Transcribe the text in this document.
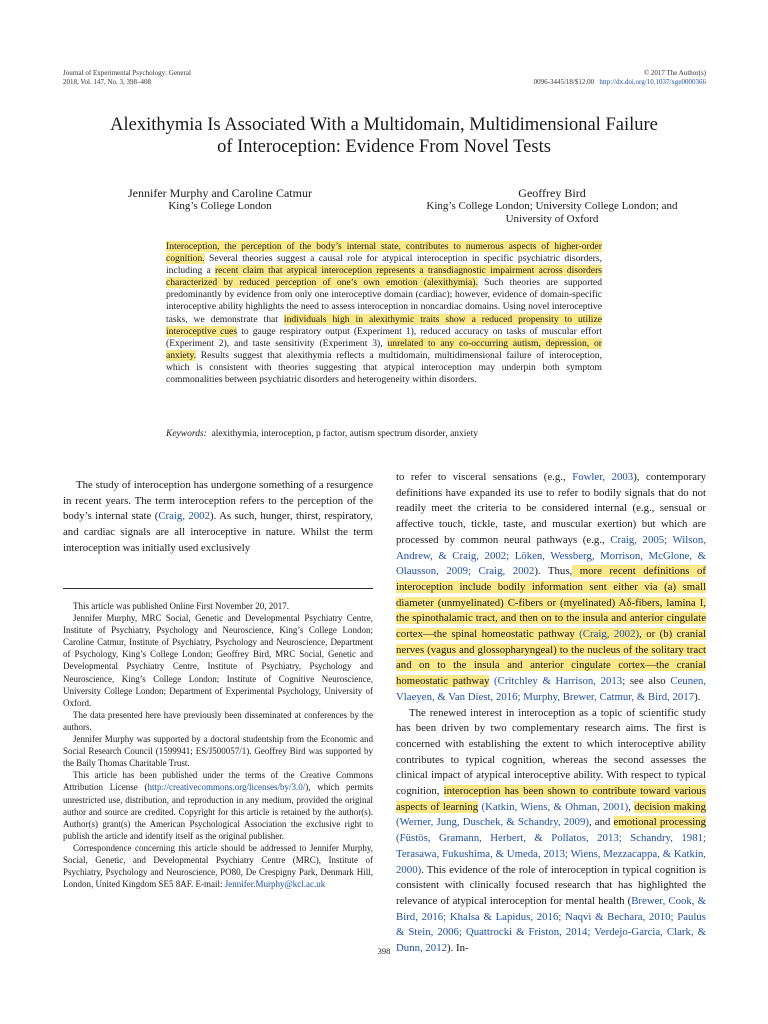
Journal of Experimental Psychology: General
2018, Vol. 147, No. 3, 398–408
© 2017 The Author(s)
0096-3445/18/$12.00 http://dx.doi.org/10.1037/xge0000366
Alexithymia Is Associated With a Multidomain, Multidimensional Failure
of Interoception: Evidence From Novel Tests
Jennifer Murphy and Caroline Catmur
King’s College London
Geoffrey Bird
King’s College London; University College London; and
University of Oxford
Interoception, the perception of the body’s internal state, contributes to numerous aspects of higher-order cognition. Several theories suggest a causal role for atypical interoception in specific psychiatric disorders, including a recent claim that atypical interoception represents a transdiagnostic impairment across disorders characterized by reduced perception of one’s own emotion (alexithymia). Such theories are supported predominantly by evidence from only one interoceptive domain (cardiac); however, evidence of domain-specific interoceptive ability highlights the need to assess interoception in noncardiac domains. Using novel interoceptive tasks, we demonstrate that individuals high in alexithymic traits show a reduced propensity to utilize interoceptive cues to gauge respiratory output (Experiment 1), reduced accuracy on tasks of muscular effort (Experiment 2), and taste sensitivity (Experiment 3), unrelated to any co-occurring autism, depression, or anxiety. Results suggest that alexithymia reflects a multidomain, multidimensional failure of interoception, which is consistent with theories suggesting that atypical interoception may underpin both symptom commonalities between psychiatric disorders and heterogeneity within disorders.
Keywords: alexithymia, interoception, p factor, autism spectrum disorder, anxiety

The study of interoception has undergone something of a resurgence in recent years. The term interoception refers to the perception of the body’s internal state (Craig, 2002). As such, hunger, thirst, respiratory, and cardiac signals are all interoceptive in nature. Whilst the term interoception was initially used exclusively

This article was published Online First November 20, 2017.

Jennifer Murphy, MRC Social, Genetic and Developmental Psychiatry Centre, Institute of Psychiatry, Psychology and Neuroscience, King’s College London; Caroline Catmur, Institute of Psychiatry, Psychology and Neuroscience, Department of Psychology, King’s College London; Geoffrey Bird, MRC Social, Genetic and Developmental Psychiatry Centre, Institute of Psychiatry, Psychology and Neuroscience, King’s College London; Institute of Cognitive Neuroscience, University College London; Department of Experimental Psychology, University of Oxford.

The data presented here have previously been disseminated at conferences by the authors.

Jennifer Murphy was supported by a doctoral studentship from the Economic and Social Research Council (1599941; ES/J500057/1). Geoffrey Bird was supported by the Baily Thomas Charitable Trust.

This article has been published under the terms of the Creative Commons Attribution License (http://creativecommons.org/licenses/by/3.0/), which permits unrestricted use, distribution, and reproduction in any medium, provided the original author and source are credited. Copyright for this article is retained by the author(s). Author(s) grant(s) the American Psychological Association the exclusive right to publish the article and identify itself as the original publisher.

Correspondence concerning this article should be addressed to Jennifer Murphy, Social, Genetic, and Developmental Psychiatry Centre (MRC), Institute of Psychiatry, Psychology and Neuroscience, PO80, De Crespigny Park, Denmark Hill, London, United Kingdom SE5 8AF. E-mail: Jennifer.Murphy@kcl.ac.uk

to refer to visceral sensations (e.g., Fowler, 2003), contemporary definitions have expanded its use to refer to bodily signals that do not readily meet the criteria to be considered internal (e.g., sensual or affective touch, tickle, taste, and muscular exertion) but which are processed by common neural pathways (e.g., Craig, 2005; Wilson, Andrew, & Craig, 2002; Löken, Wessberg, Morrison, McGlone, & Olausson, 2009; Craig, 2002). Thus, more recent definitions of interoception include bodily information sent either via (a) small diameter (unmyelinated) C-fibers or (myelinated) Aδ-fibers, lamina I, the spinothalamic tract, and then on to the insula and anterior cingulate cortex—the spinal homeostatic pathway (Craig, 2002), or (b) cranial nerves (vagus and glossopharyngeal) to the nucleus of the solitary tract and on to the insula and anterior cingulate cortex—the cranial homeostatic pathway (Critchley & Harrison, 2013; see also Ceunen, Vlaeyen, & Van Diest, 2016; Murphy, Brewer, Catmur, & Bird, 2017).

The renewed interest in interoception as a topic of scientific study has been driven by two complementary research aims. The first is concerned with establishing the extent to which interoceptive ability contributes to typical cognition, whereas the second assesses the clinical impact of atypical interoceptive ability. With respect to typical cognition, interoception has been shown to contribute toward various aspects of learning (Katkin, Wiens, & Ohman, 2001), decision making (Werner, Jung, Duschek, & Schandry, 2009), and emotional processing (Füstös, Gramann, Herbert, & Pollatos, 2013; Schandry, 1981; Terasawa, Fukushima, & Umeda, 2013; Wiens, Mezzacappa, & Katkin, 2000). This evidence of the role of interoception in typical cognition is consistent with clinically focused research that has highlighted the relevance of atypical interoception for mental health (Brewer, Cook, & Bird, 2016; Khalsa & Lapidus, 2016; Naqvi & Bechara, 2010; Paulus & Stein, 2006; Quattrocki & Friston, 2014; Verdejo-Garcia, Clark, & Dunn, 2012). In-

398
